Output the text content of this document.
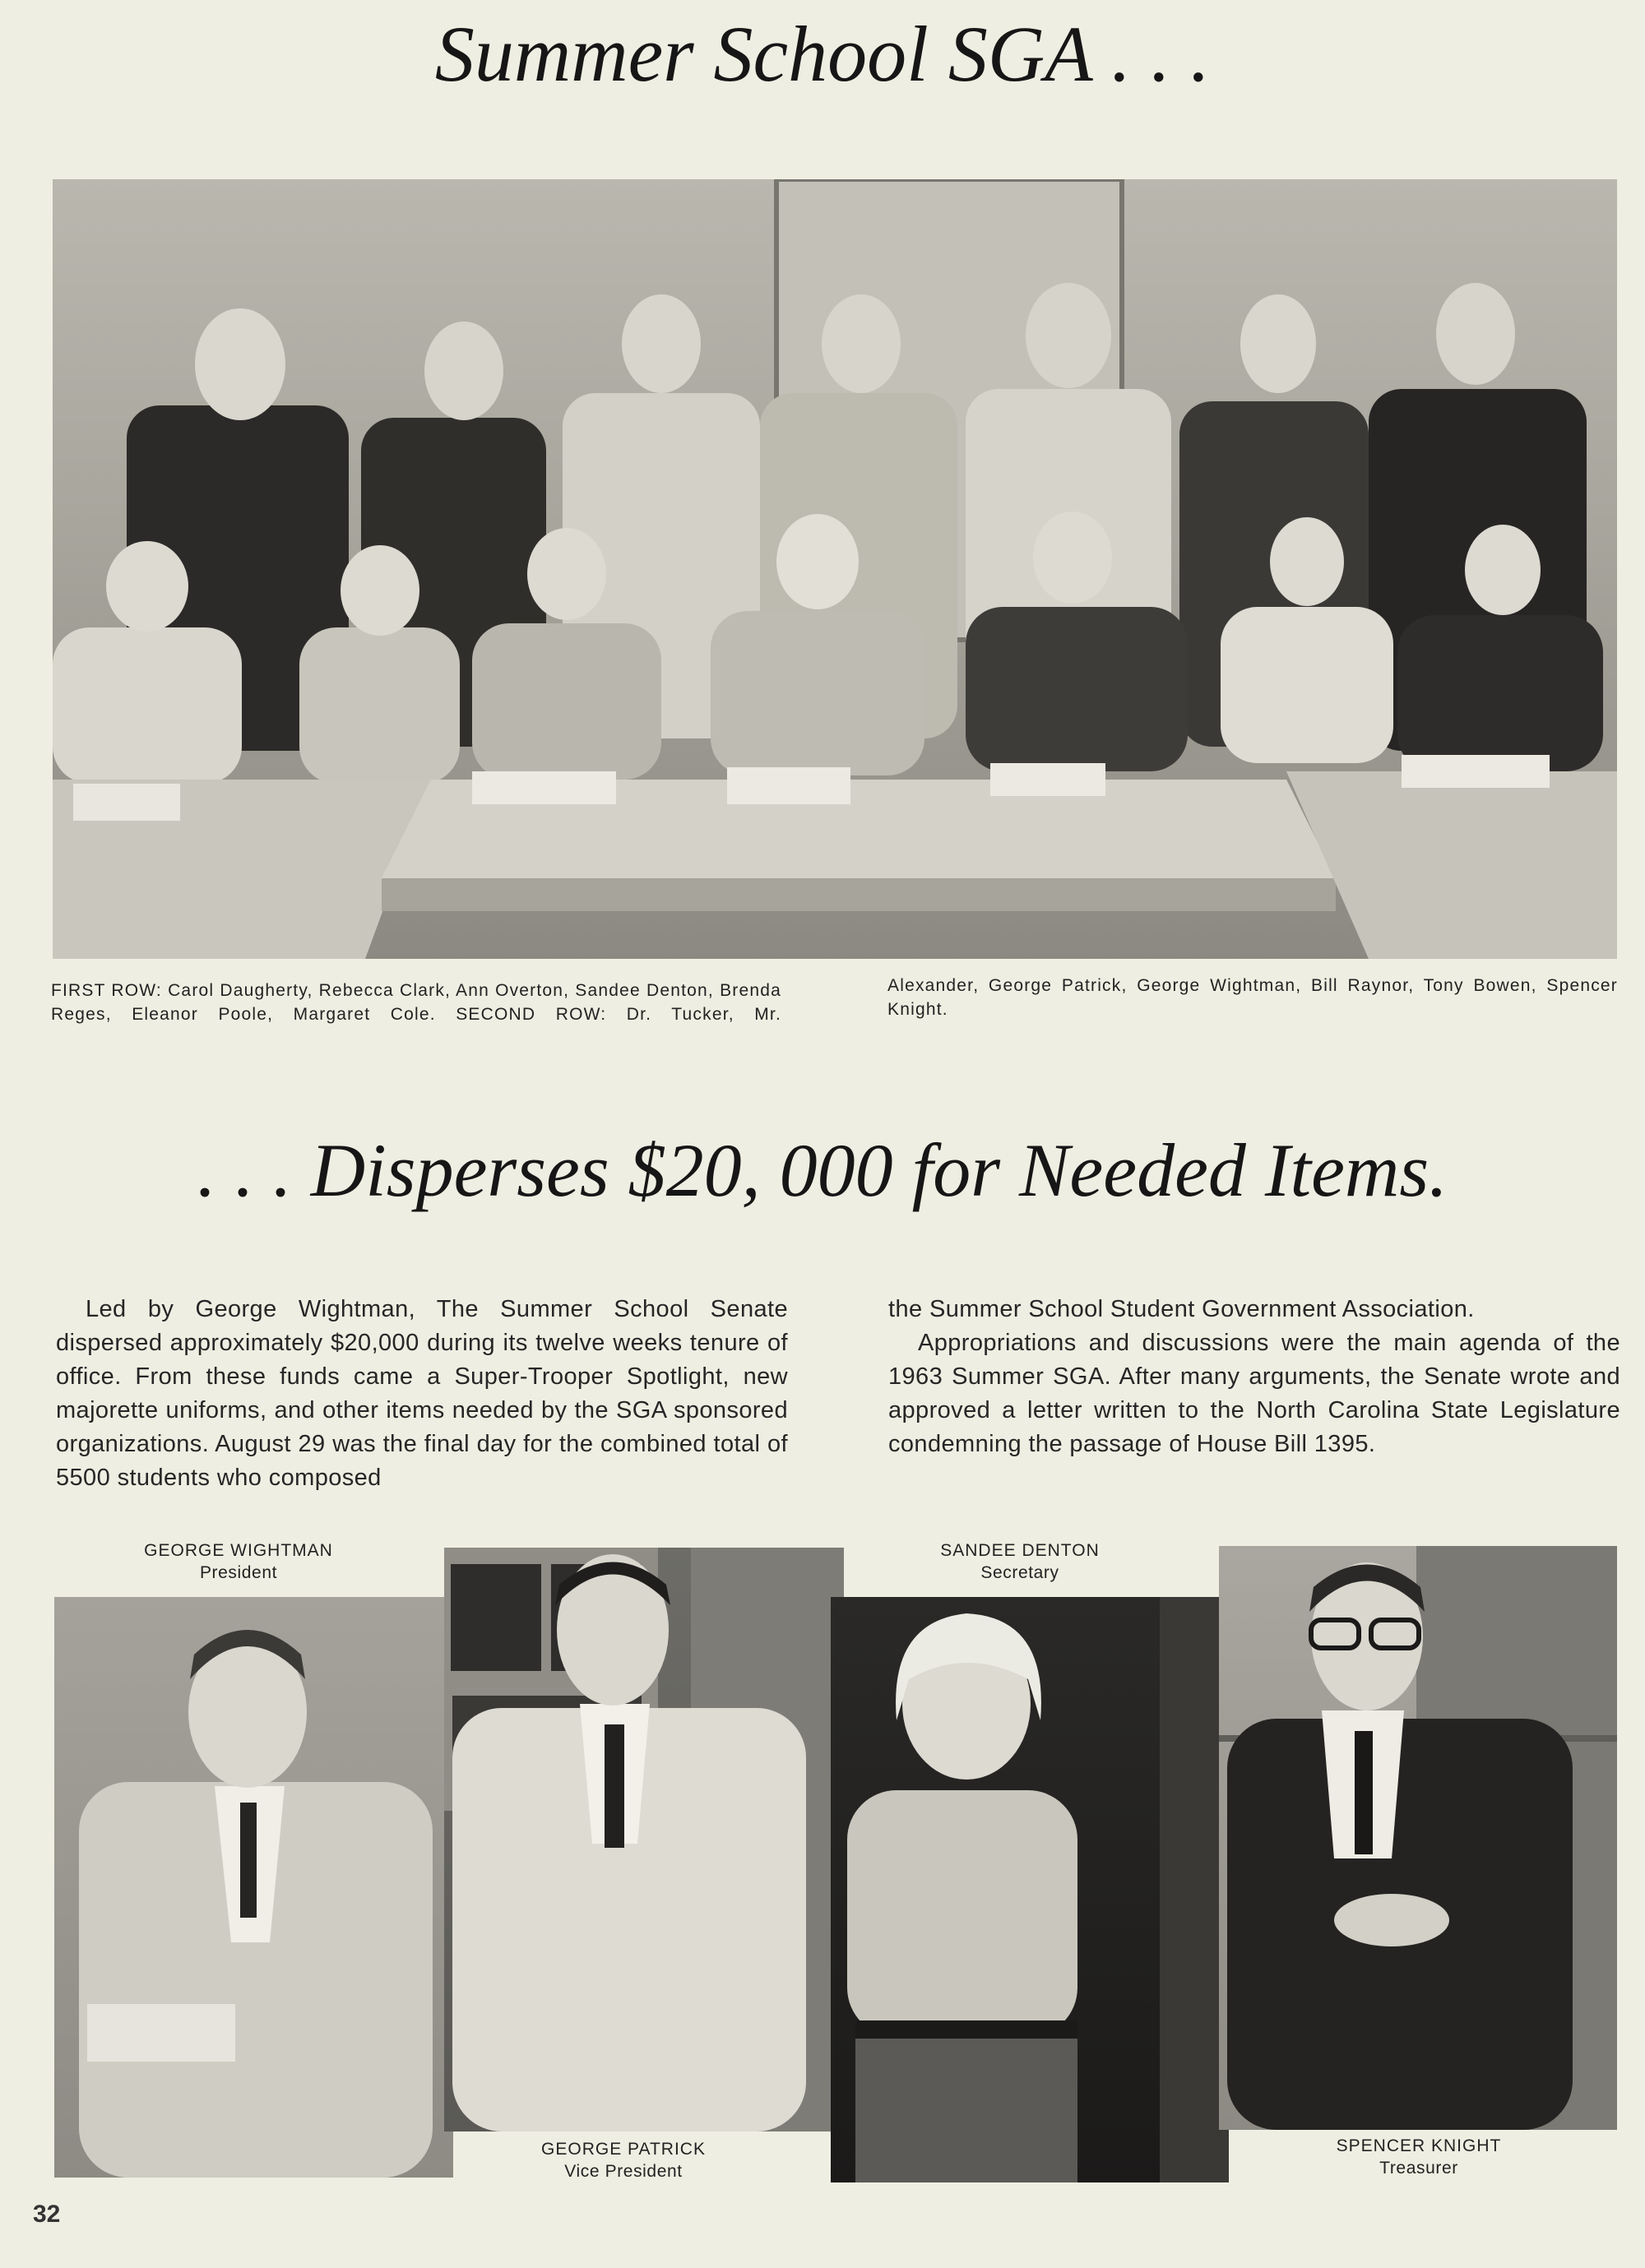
Summer School SGA . . .
FIRST ROW: Carol Daugherty, Rebecca Clark, Ann Overton, Sandee Denton, Brenda Reges, Eleanor Poole, Margaret Cole. SECOND ROW: Dr. Tucker, Mr.
Alexander, George Patrick, George Wightman, Bill Raynor, Tony Bowen, Spencer Knight.
. . . Disperses $20, 000 for Needed Items.

Led by George Wightman, The Summer School Senate dispersed approximately $20,000 during its twelve weeks tenure of office. From these funds came a Super-Trooper Spotlight, new majorette uniforms, and other items needed by the SGA sponsored organizations. August 29 was the final day for the combined total of 5500 students who composed

the Summer School Student Government Association.

Appropriations and discussions were the main agenda of the 1963 Summer SGA. After many arguments, the Senate wrote and approved a letter written to the North Carolina State Legislature condemning the passage of House Bill 1395.

GEORGE WIGHTMAN
President
GEORGE PATRICK
Vice President
SANDEE DENTON
Secretary
SPENCER KNIGHT
Treasurer
32
